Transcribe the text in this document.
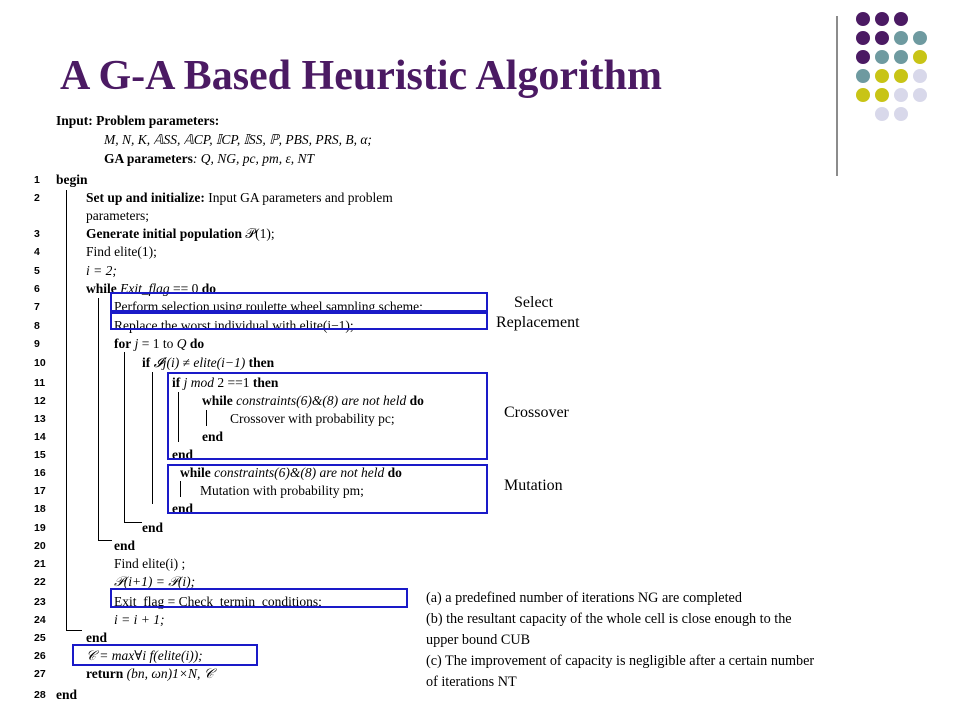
A G-A Based Heuristic Algorithm
Input: Problem parameters:
M, N, K, 𝔸SS, 𝔸CP, 𝕀CP, 𝕀SS, ℙ, PBS, PRS, B, α;
GA parameters: Q, NG, pc, pm, ε, NT
1	begin
2	Set up and initialize: Input GA parameters and problem
parameters;
3	Generate initial population 𝒫(1);
4	Find elite(1);
5	i = 2;
6	while Exit_flag == 0 do
7	Perform selection using roulette wheel sampling scheme;
8	Replace the worst individual with elite(i−1);
9	for j = 1 to Q do
10	if 𝓘j(i) ≠ elite(i−1) then
11	if j mod 2 ==1 then
12	while constraints(6)&(8) are not held do
13	Crossover with probability pc;
14	end
15	end
16	while constraints(6)&(8) are not held do
17	Mutation with probability pm;
18	end
19	end
20	end
21	Find elite(i) ;
22	𝒫(i+1) = 𝒫(i);
23	Exit_flag = Check_termin_conditions;
24	i = i + 1;
25	end
26	𝒞 = max∀i f(elite(i));
27	return (bn, ωn)1×N, 𝒞
28 end
Select
Replacement
Crossover
Mutation
(a) a predefined number of iterations NG are completed
(b) the resultant capacity of the whole cell is close enough to the
upper bound CUB
(c) The improvement of capacity is negligible after a certain number
of iterations NT
